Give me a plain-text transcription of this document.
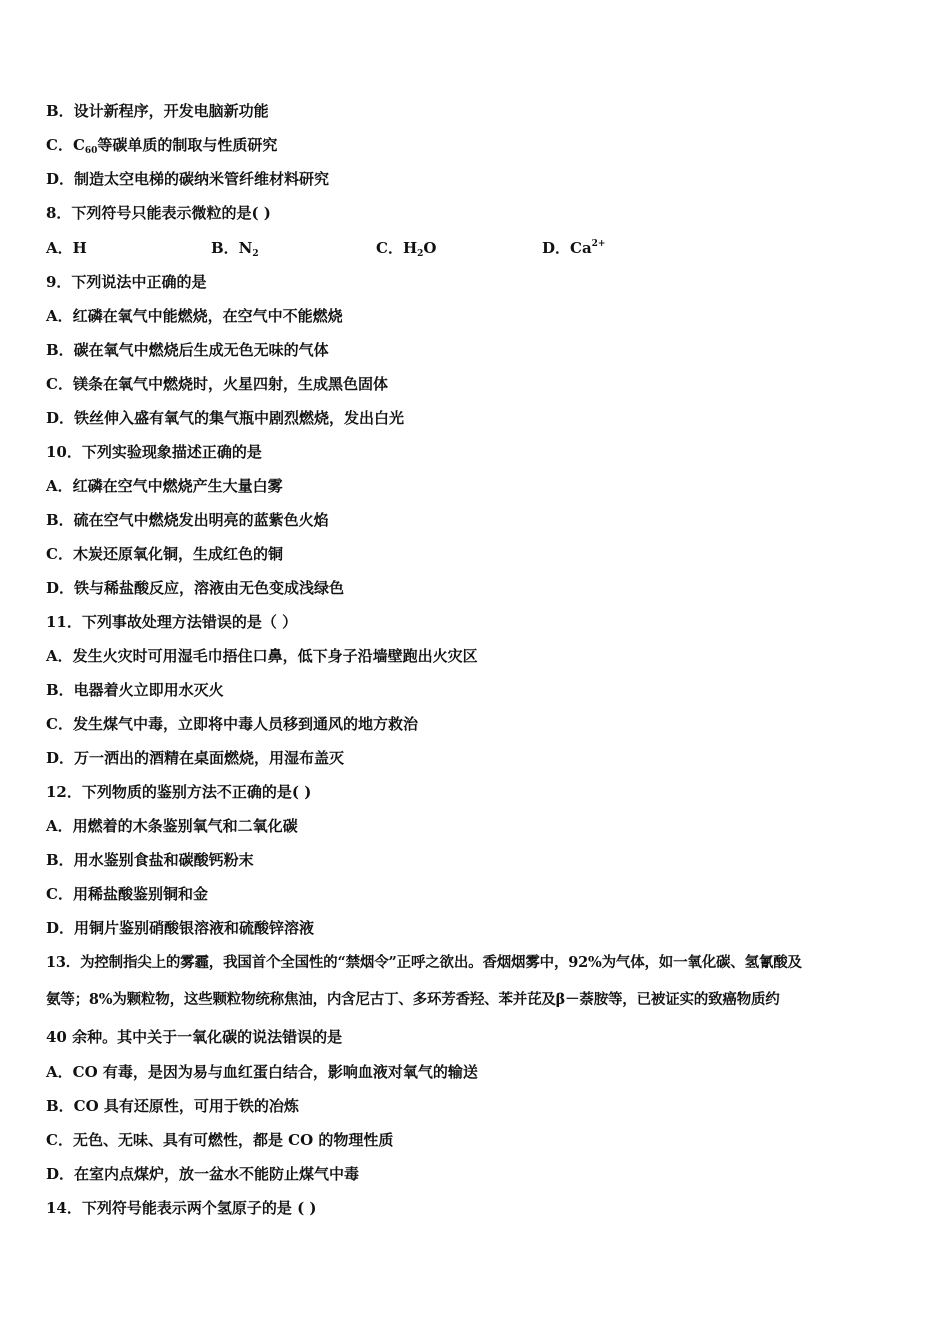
B．设计新程序，开发电脑新功能
C．$C_{60}$等碳单质的制取与性质研究
D．制造太空电梯的碳纳米管纤维材料研究
8．下列符号只能表示微粒的是( )
A．H	B．$N_2$	C．$H_2O$	D．$Ca^{2+}$
9．下列说法中正确的是
A．红磷在氧气中能燃烧，在空气中不能燃烧
B．碳在氧气中燃烧后生成无色无味的气体
C．镁条在氧气中燃烧时，火星四射，生成黑色固体
D．铁丝伸入盛有氧气的集气瓶中剧烈燃烧，发出白光
10．下列实验现象描述正确的是
A．红磷在空气中燃烧产生大量白雾
B．硫在空气中燃烧发出明亮的蓝紫色火焰
C．木炭还原氧化铜，生成红色的铜
D．铁与稀盐酸反应，溶液由无色变成浅绿色
11．下列事故处理方法错误的是（ ）
A．发生火灾时可用湿毛巾捂住口鼻，低下身子沿墙壁跑出火灾区
B．电器着火立即用水灭火
C．发生煤气中毒，立即将中毒人员移到通风的地方救治
D．万一洒出的酒精在桌面燃烧，用湿布盖灭
12．下列物质的鉴别方法不正确的是( )
A．用燃着的木条鉴别氧气和二氧化碳
B．用水鉴别食盐和碳酸钙粉末
C．用稀盐酸鉴别铜和金
D．用铜片鉴别硝酸银溶液和硫酸锌溶液
13．为控制指尖上的雾霾，我国首个全国性的“禁烟令”正呼之欲出。香烟烟雾中，92%为气体，如一氧化碳、氢氰酸及
氨等；8%为颗粒物，这些颗粒物统称焦油，内含尼古丁、多环芳香羟、苯并芘及β－萘胺等，已被证实的致癌物质约
40 余种。其中关于一氧化碳的说法错误的是
A．CO 有毒，是因为易与血红蛋白结合，影响血液对氧气的输送
B．CO 具有还原性，可用于铁的冶炼
C．无色、无味、具有可燃性，都是 CO 的物理性质
D．在室内点煤炉，放一盆水不能防止煤气中毒
14．下列符号能表示两个氢原子的是 ( )
